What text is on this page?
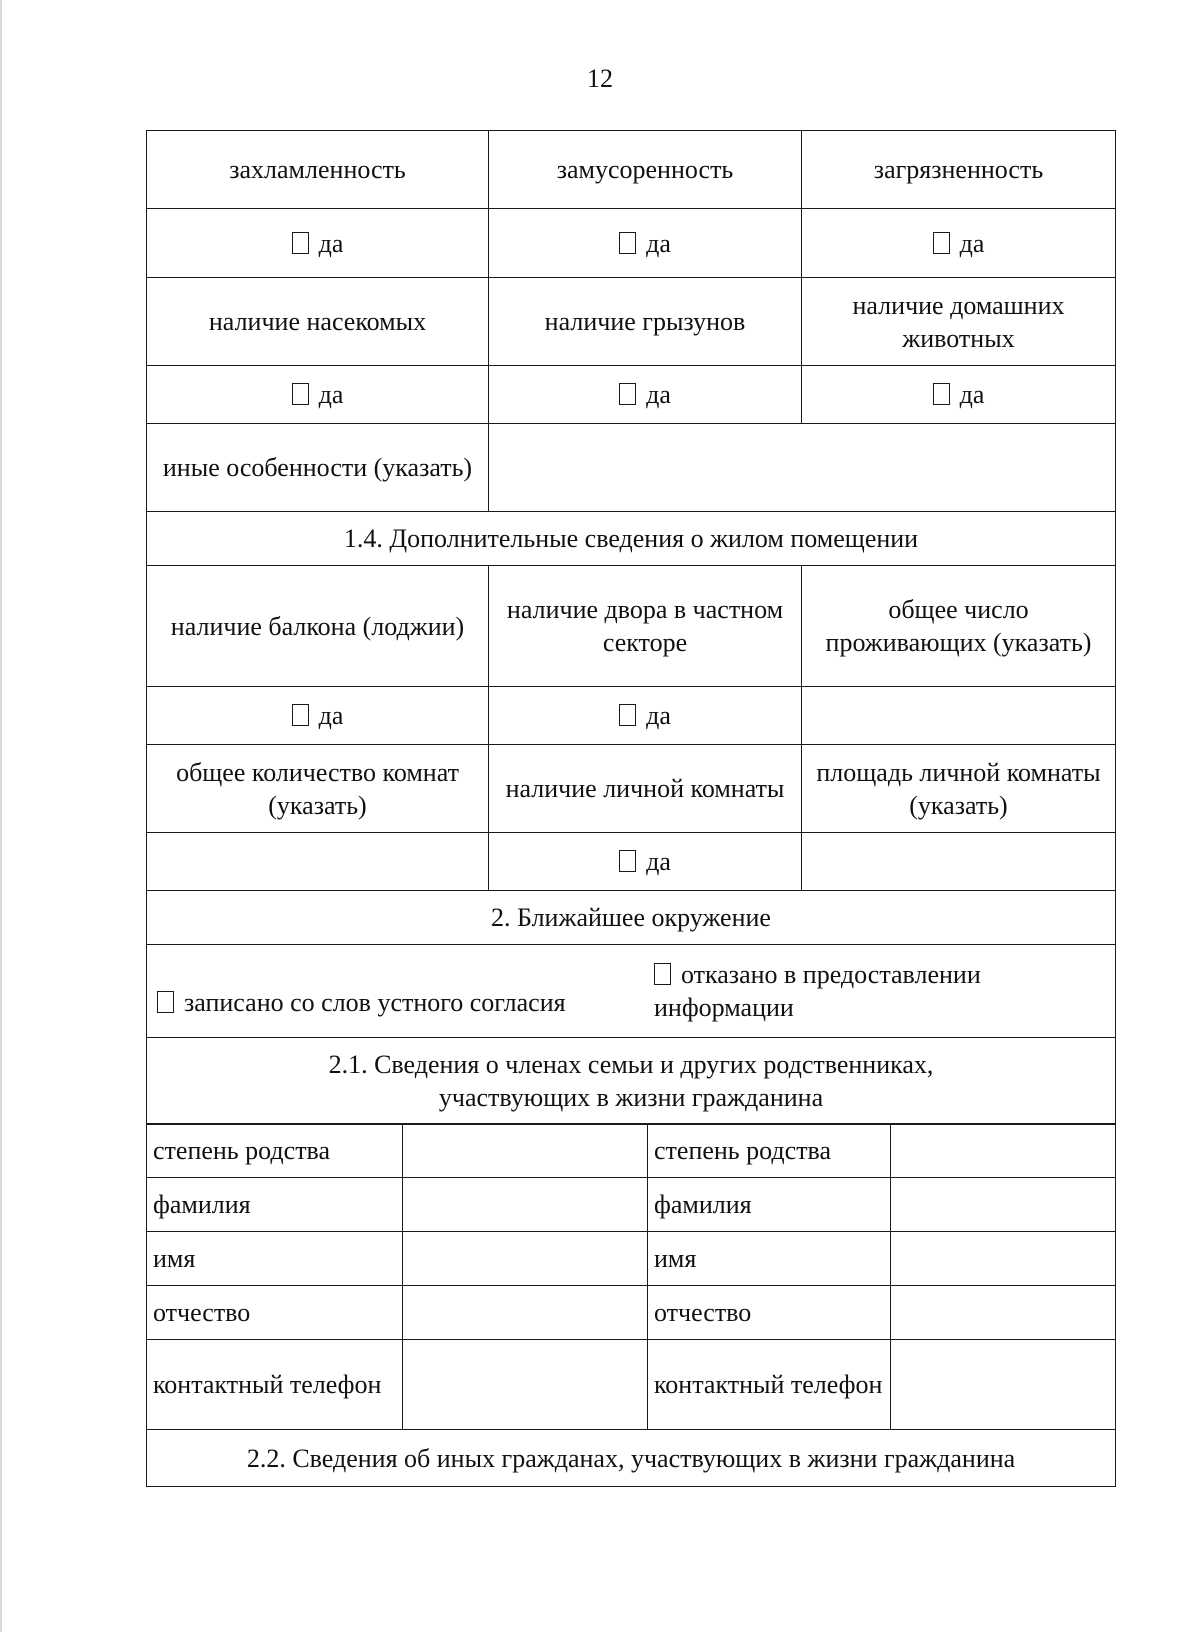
12
захламленность	замусоренность	загрязненность
да	да	да
наличие насекомых	наличие грызунов	наличие домашних животных
да	да	да
иные особенности (указать)		
1.4. Дополнительные сведения о жилом помещении		
наличие балкона (лоджии)	наличие двора в частном секторе	общее число проживающих (указать)
да	да	
общее количество комнат (указать)	наличие личной комнаты	площадь личной комнаты (указать)
	да	
2. Ближайшее окружение		

записано со слов устного согласия
отказано в предоставлении информации		

2.1. Сведения о членах семьи и других родственниках, участвующих в жизни гражданина		
степень родства		степень родства	
фамилия		фамилия	
имя		имя	
отчество		отчество	
контактный телефон		контактный телефон	
2.2. Сведения об иных гражданах, участвующих в жизни гражданина			
